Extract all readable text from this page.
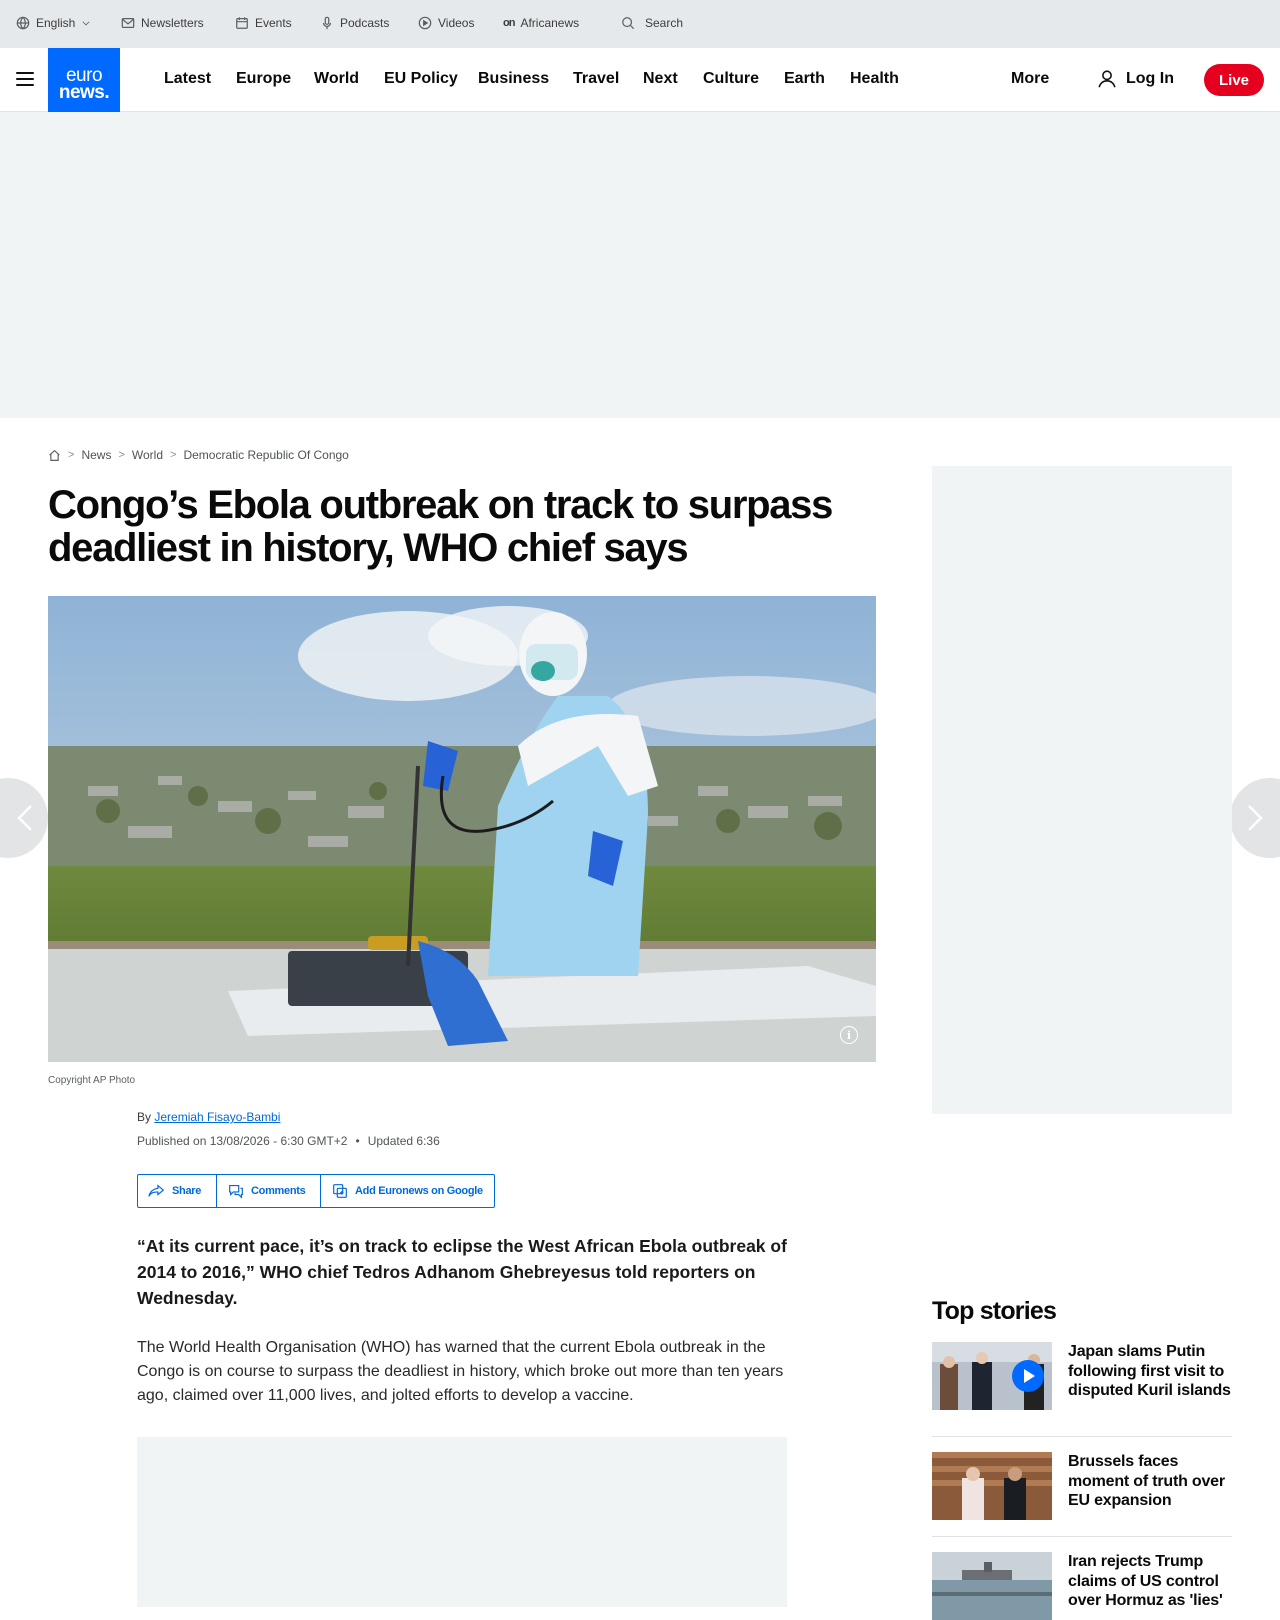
English	Newsletters	Events	Podcasts	Videos	on Africanews	Search
euro
news.
Latest Europe World EU Policy Business Travel Next Culture Earth Health	More	Log In	Live
> News > World > Democratic Republic Of Congo
Congo’s Ebola outbreak on track to surpass deadliest in history, WHO chief says
i
Copyright AP Photo
By Jeremiah Fisayo-Bambi
Published on 13/08/2026 - 6:30 GMT+2 • Updated 6:36
Share	Comments	Add Euronews on Google

“At its current pace, it’s on track to eclipse the West African Ebola outbreak of 2014 to 2016,” WHO chief Tedros Adhanom Ghebreyesus told reporters on Wednesday.

The World Health Organisation (WHO) has warned that the current Ebola outbreak in the Congo is on course to surpass the deadliest in history, which broke out more than ten years ago, claimed over 11,000 lives, and jolted efforts to develop a vaccine.

Top stories
Japan slams Putin following first visit to disputed Kuril islands
Brussels faces moment of truth over EU expansion
Iran rejects Trump claims of US control over Hormuz as 'lies'
